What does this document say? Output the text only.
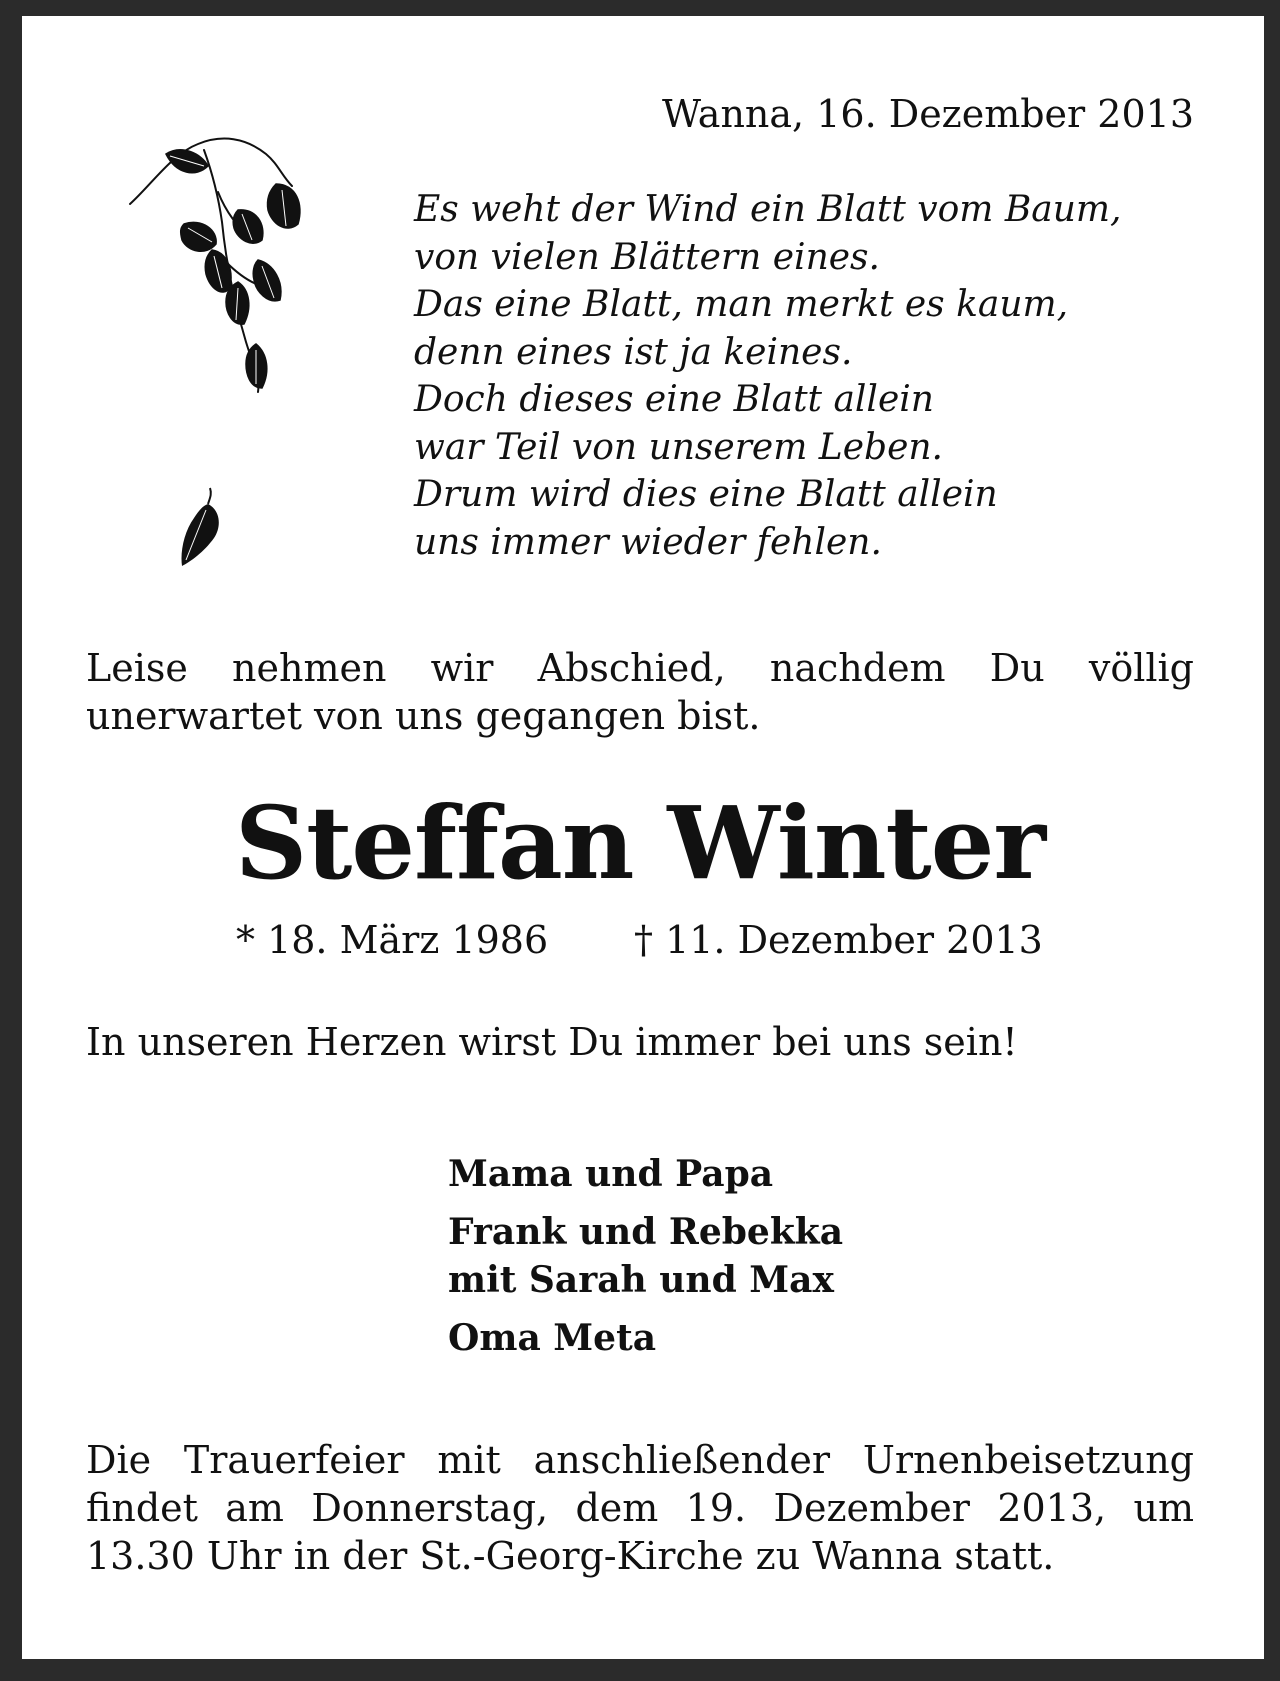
Wanna, 16. Dezember 2013
Es weht der Wind ein Blatt vom Baum,
von vielen Blättern eines.
Das eine Blatt, man merkt es kaum,
denn eines ist ja keines.
Doch dieses eine Blatt allein
war Teil von unserem Leben.
Drum wird dies eine Blatt allein
uns immer wieder fehlen.
Leise nehmen wir Abschied, nachdem Du völlig unerwartet von uns gegangen bist.
Steffan Winter
* 18. März 1986 † 11. Dezember 2013
In unseren Herzen wirst Du immer bei uns sein!
Mama und Papa
Frank und Rebekka
mit Sarah und Max
Oma Meta
Die Trauerfeier mit anschließender Urnenbeisetzung findet am Donnerstag, dem 19. Dezember 2013, um 13.30 Uhr in der St.-Georg-Kirche zu Wanna statt.
